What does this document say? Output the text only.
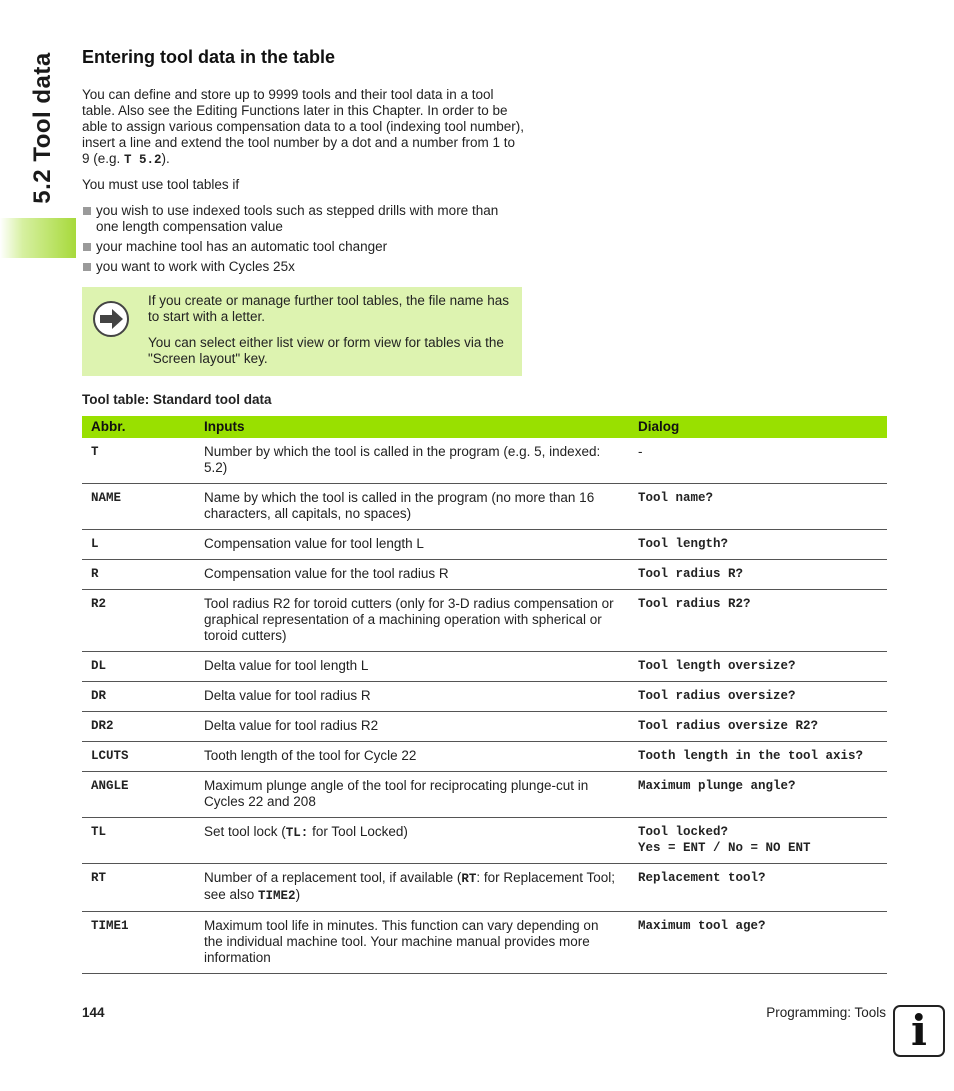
5.2 Tool data Entering tool data in the table

You can define and store up to 9999 tools and their tool data in a tool table. Also see the Editing Functions later in this Chapter. In order to be able to assign various compensation data to a tool (indexing tool number), insert a line and extend the tool number by a dot and a number from 1 to 9 (e.g. T 5.2).

You must use tool tables if

you wish to use indexed tools such as stepped drills with more than one length compensation value
your machine tool has an automatic tool changer
you want to work with Cycles 25x

If you create or manage further tool tables, the file name has to start with a letter.

You can select either list view or form view for tables via the "Screen layout" key.

Tool table: Standard tool data

Abbr.	Inputs	Dialog
T	Number by which the tool is called in the program (e.g. 5, indexed: 5.2)	-
NAME	Name by which the tool is called in the program (no more than 16 characters, all capitals, no spaces)	Tool name?
L	Compensation value for tool length L	Tool length?
R	Compensation value for the tool radius R	Tool radius R?
R2	Tool radius R2 for toroid cutters (only for 3-D radius compensation or graphical representation of a machining operation with spherical or toroid cutters)	Tool radius R2?
DL	Delta value for tool length L	Tool length oversize?
DR	Delta value for tool radius R	Tool radius oversize?
DR2	Delta value for tool radius R2	Tool radius oversize R2?
LCUTS	Tooth length of the tool for Cycle 22	Tooth length in the tool axis?
ANGLE	Maximum plunge angle of the tool for reciprocating plunge-cut in Cycles 22 and 208	Maximum plunge angle?
TL	Set tool lock (TL: for Tool Locked)	Tool locked?
Yes = ENT / No = NO ENT

RT	Number of a replacement tool, if available (RT: for Replacement Tool; see also TIME2)	Replacement tool?
TIME1	Maximum tool life in minutes. This function can vary depending on the individual machine tool. Your machine manual provides more information	Maximum tool age?
144	Programming: Tools i
